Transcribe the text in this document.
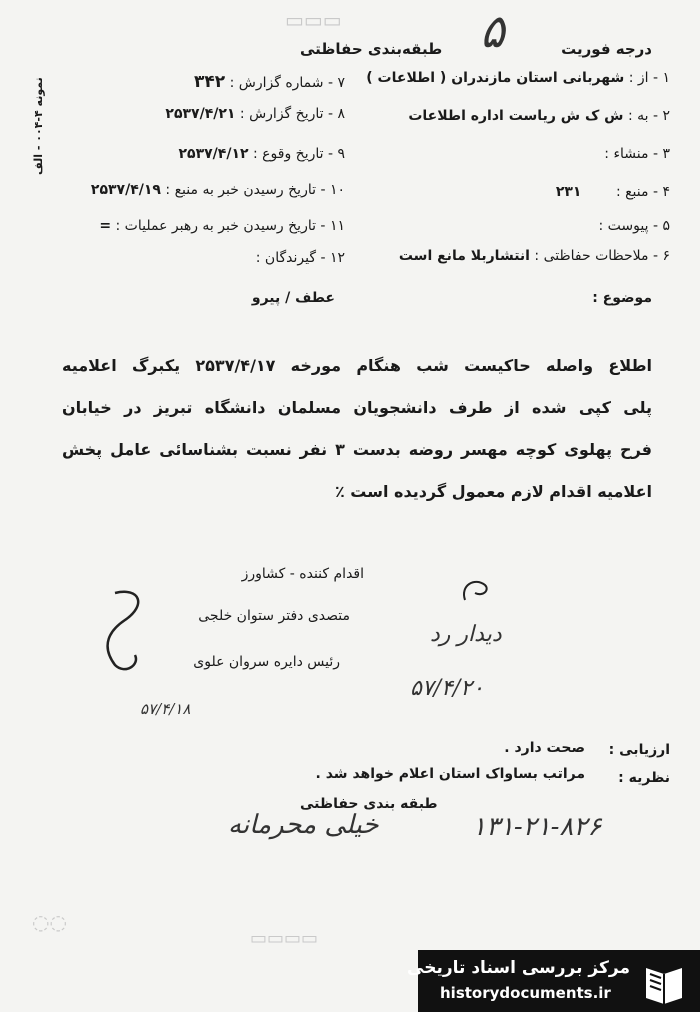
درجه فوریت
طبقه‌بندی حفاظتی ۵
▭▭▭
۱ - از : شهربانی استان مازندران ( اطلاعات )
۲ - به : ش ک ش ریاست اداره اطلاعات
۳ - منشاء :
۴ - منبع : ۲۳۱
۵ - پیوست :
۶ - ملاحظات حفاظتی : انتشاربلا مانع است
۷ - شماره گزارش : ۳۴۲
۸ - تاریخ گزارش : ۲۵۳۷/۴/۲۱
۹ - تاریخ وقوع : ۲۵۳۷/۴/۱۲
۱۰ - تاریخ رسیدن خبر به منبع : ۲۵۳۷/۴/۱۹
۱۱ - تاریخ رسیدن خبر به رهبر عملیات : =
۱۲ - گیرندگان :
نمونه ۴-۰۰۴ - الف
موضوع :
عطف / پیرو
اطلاع واصله حاکیست شب هنگام مورخه ۲۵۳۷/۴/۱۷ یکبرگ اعلامیه
پلی کپی شده از طرف دانشجویان مسلمان دانشگاه تبریز در خیابان
فرح پهلوی کوچه مهسر روضه بدست ۳ نفر نسبت بشناسائی عامل پخش
اعلامیه اقدام لازم معمول گردیده است ٪
اقدام کننده - کشاورز
متصدی دفتر ستوان خلجی
رئیس دایره سروان علوی
۵۷/۴/۱۸
دیدار رد
۵۷/۴/۲۰
ارزیابی :
صحت دارد .
نظریه :
مراتب بساواک استان اعلام خواهد شد .
طبقه بندی حفاظتی
خیلی محرمانه	۱۳۱-۲۱-۸۲۶
▭▭▭▭
◌◌
مرکز بررسی اسناد تاریخی
historydocuments.ir
